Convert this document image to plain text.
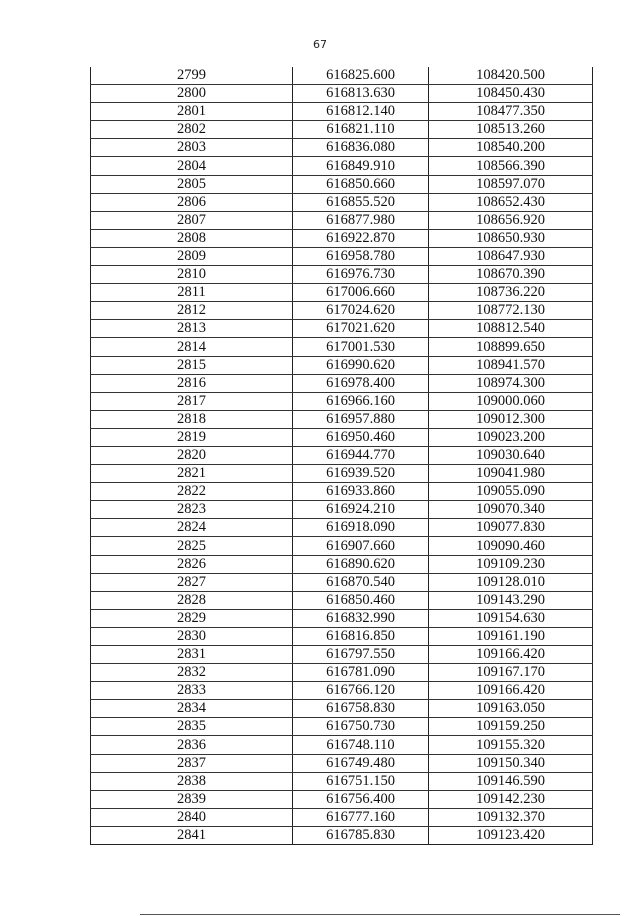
67
2799	616825.600	108420.500
2800	616813.630	108450.430
2801	616812.140	108477.350
2802	616821.110	108513.260
2803	616836.080	108540.200
2804	616849.910	108566.390
2805	616850.660	108597.070
2806	616855.520	108652.430
2807	616877.980	108656.920
2808	616922.870	108650.930
2809	616958.780	108647.930
2810	616976.730	108670.390
2811	617006.660	108736.220
2812	617024.620	108772.130
2813	617021.620	108812.540
2814	617001.530	108899.650
2815	616990.620	108941.570
2816	616978.400	108974.300
2817	616966.160	109000.060
2818	616957.880	109012.300
2819	616950.460	109023.200
2820	616944.770	109030.640
2821	616939.520	109041.980
2822	616933.860	109055.090
2823	616924.210	109070.340
2824	616918.090	109077.830
2825	616907.660	109090.460
2826	616890.620	109109.230
2827	616870.540	109128.010
2828	616850.460	109143.290
2829	616832.990	109154.630
2830	616816.850	109161.190
2831	616797.550	109166.420
2832	616781.090	109167.170
2833	616766.120	109166.420
2834	616758.830	109163.050
2835	616750.730	109159.250
2836	616748.110	109155.320
2837	616749.480	109150.340
2838	616751.150	109146.590
2839	616756.400	109142.230
2840	616777.160	109132.370
2841	616785.830	109123.420
